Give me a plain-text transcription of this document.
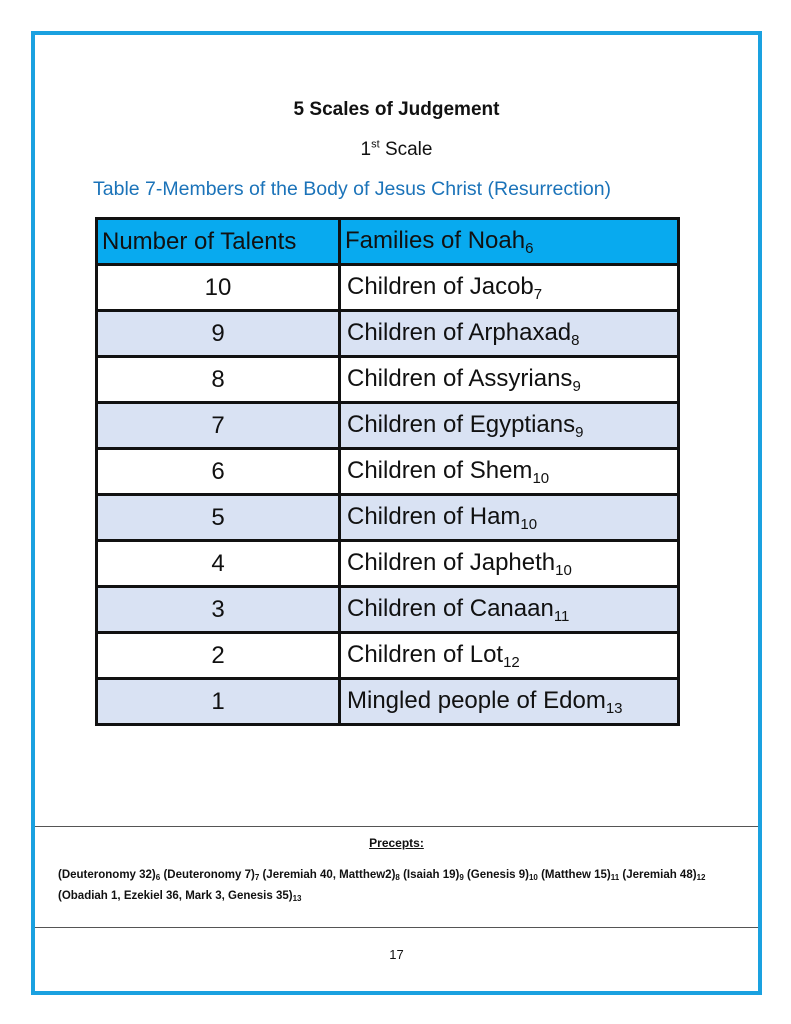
5 Scales of Judgement
1st Scale
Table 7-Members of the Body of Jesus Christ (Resurrection)
Number of Talents	Families of Noah$_6$
10	Children of Jacob$_7$
9	Children of Arphaxad$_8$
8	Children of Assyrians$_9$
7	Children of Egyptians$_9$
6	Children of Shem$_{10}$
5	Children of Ham$_{10}$
4	Children of Japheth$_{10}$
3	Children of Canaan$_{11}$
2	Children of Lot$_{12}$
1	Mingled people of Edom$_{13}$
Precepts:
(Deuteronomy $32)_6$ (Deuteronomy $7)_7$ (Jeremiah 40, $Matthew2)_8$ (Isaiah $19)_9$ (Genesis $9)_{10}$ (Matthew $15)_{11}$ (Jeremiah $48)_{12}$ (Obadiah 1, Ezekiel 36, Mark 3, Genesis $35)_{13}$
17
